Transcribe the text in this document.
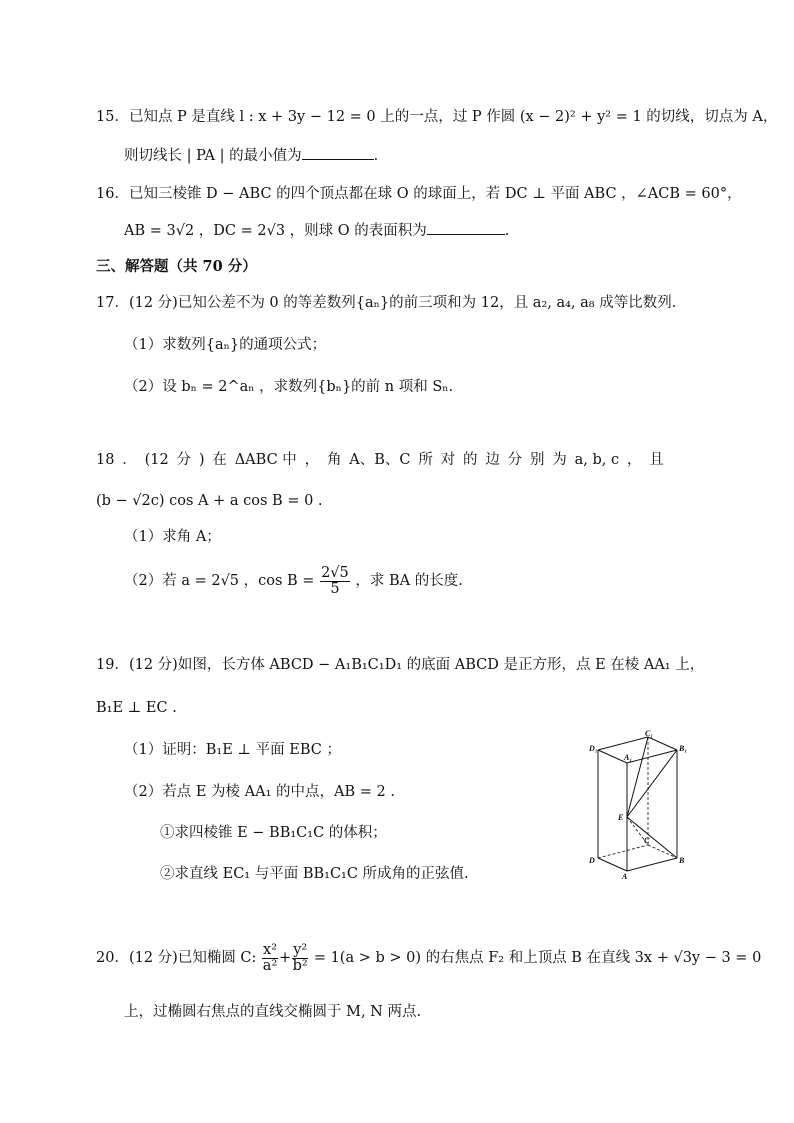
15．已知点 P 是直线 l : x + 3y − 12 = 0 上的一点，过 P 作圆 (x − 2)² + y² = 1 的切线，切点为 A，
则切线长 | PA | 的最小值为	.
16．已知三棱锥 D − ABC 的四个顶点都在球 O 的球面上，若 DC ⊥ 平面 ABC ，∠ACB = 60°，
AB = 3√2 ，DC = 2√3 ，则球 O 的表面积为	.
三、解答题（共 70 分）
17．(12 分)已知公差不为 0 的等差数列{aₙ}的前三项和为 12，且 a₂, a₄, a₈ 成等比数列.
（1）求数列{aₙ}的通项公式；
（2）设 bₙ = 2^aₙ ，求数列{bₙ}的前 n 项和 Sₙ.
18 ． (12 分 ) 在 ΔABC 中 ， 角 A、B、C 所 对 的 边 分 别 为 a, b, c ， 且
(b − √2c) cos A + a cos B = 0 .
（1）求角 A；
（2）若 a = 2√5 ，$\cos B = \frac{2√5}{5}$ ，求 BA 的长度.
19．(12 分)如图，长方体 ABCD − A₁B₁C₁D₁ 的底面 ABCD 是正方形，点 E 在棱 AA₁ 上，
B₁E ⊥ EC .
（1）证明：B₁E ⊥ 平面 EBC ；
（2）若点 E 为棱 AA₁ 的中点，AB = 2 .
①求四棱锥 E − BB₁C₁C 的体积；
②求直线 EC₁ 与平面 BB₁C₁C 所成角的正弦值.
D₁
C₁
A₁
B₁
E
D
C
A
B
20．(12 分)已知椭圆 C: $\frac{\text{x²}}{\text{a²}} + \frac{\text{y²}}{\text{b²}} = 1(a > b > 0)$ 的右焦点 F₂ 和上顶点 B 在直线 3x + √3y − 3 = 0
上，过椭圆右焦点的直线交椭圆于 M, N 两点.
